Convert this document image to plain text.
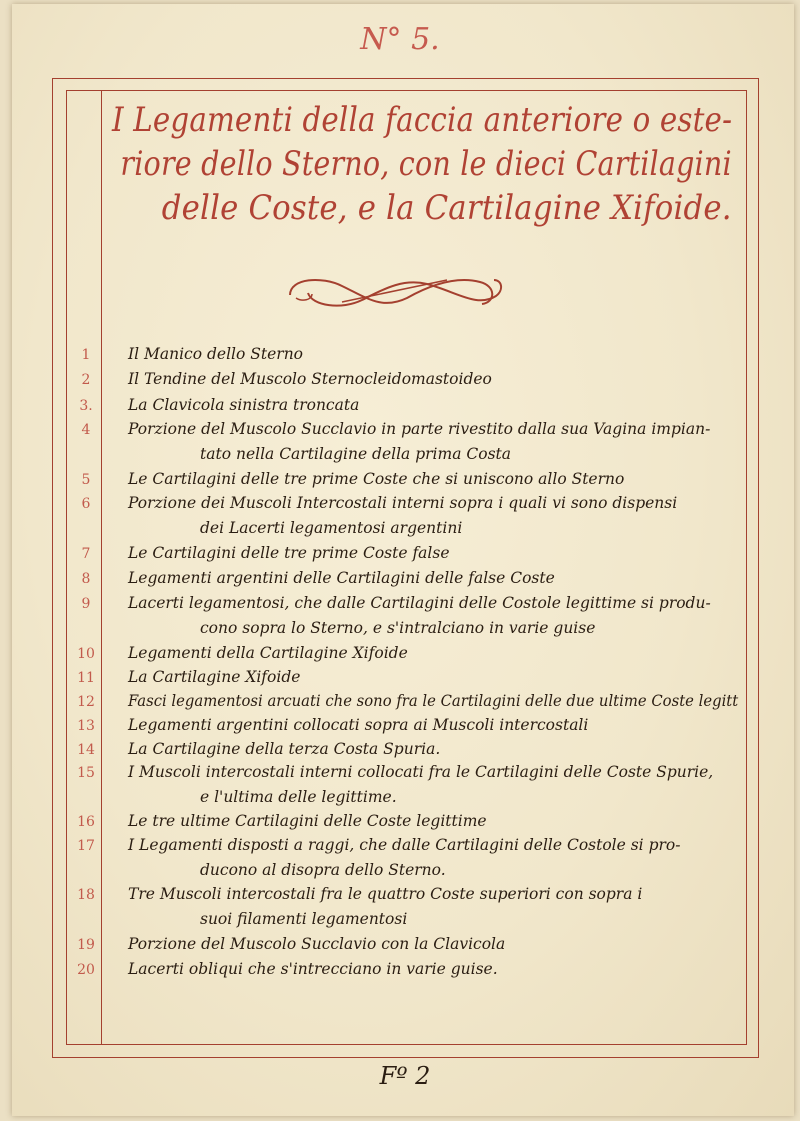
N° 5.
I Legamenti della faccia anteriore o este-
riore dello Sterno, con le dieci Cartilagini
delle Coste, e la Cartilagine Xifoide.
1	Il Manico dello Sterno
2	Il Tendine del Muscolo Sternocleidomastoideo
3.	La Clavicola sinistra troncata
4	Porzione del Muscolo Succlavio in parte rivestito dalla sua Vagina impian-
tato nella Cartilagine della prima Costa
5	Le Cartilagini delle tre prime Coste che si uniscono allo Sterno
6	Porzione dei Muscoli Intercostali interni sopra i quali vi sono dispensi
dei Lacerti legamentosi argentini
7	Le Cartilagini delle tre prime Coste false
8	Legamenti argentini delle Cartilagini delle false Coste
9	Lacerti legamentosi, che dalle Cartilagini delle Costole legittime si produ-
cono sopra lo Sterno, e s'intralciano in varie guise
10	Legamenti della Cartilagine Xifoide
11	La Cartilagine Xifoide
12	Fasci legamentosi arcuati che sono fra le Cartilagini delle due ultime Coste legitt
13	Legamenti argentini collocati sopra ai Muscoli intercostali
14	La Cartilagine della terza Costa Spuria.
15	I Muscoli intercostali interni collocati fra le Cartilagini delle Coste Spurie,
e l'ultima delle legittime.
16	Le tre ultime Cartilagini delle Coste legittime
17	I Legamenti disposti a raggi, che dalle Cartilagini delle Costole si pro-
ducono al disopra dello Sterno.
18	Tre Muscoli intercostali fra le quattro Coste superiori con sopra i
suoi filamenti legamentosi
19	Porzione del Muscolo Succlavio con la Clavicola
20	Lacerti obliqui che s'intrecciano in varie guise.
Fº 2
